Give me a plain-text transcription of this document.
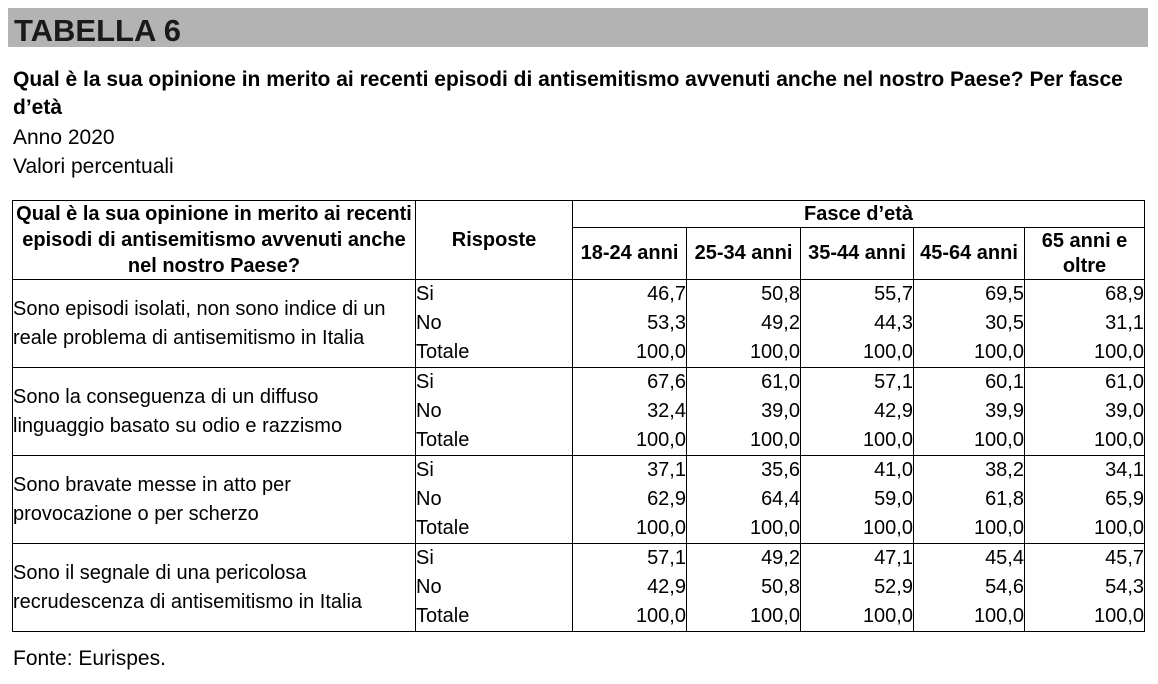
TABELLA 6
Qual è la sua opinione in merito ai recenti episodi di antisemitismo avvenuti anche nel nostro Paese? Per fasce d’età
Anno 2020
Valori percentuali
Qual è la sua opinione in merito ai recenti episodi di antisemitismo avvenuti anche nel nostro Paese?	Risposte	Fasce d’età				
		18-24 anni	25-34 anni	35-44 anni	45-64 anni	65 anni e oltre
Sono episodi isolati, non sono indice di un reale problema di antisemitismo in Italia	Si	46,7	50,8	55,7	69,5	68,9
	No	53,3	49,2	44,3	30,5	31,1
	Totale	100,0	100,0	100,0	100,0	100,0
Sono la conseguenza di un diffuso linguaggio basato su odio e razzismo	Si	67,6	61,0	57,1	60,1	61,0
	No	32,4	39,0	42,9	39,9	39,0
	Totale	100,0	100,0	100,0	100,0	100,0
Sono bravate messe in atto per provocazione o per scherzo	Si	37,1	35,6	41,0	38,2	34,1
	No	62,9	64,4	59,0	61,8	65,9
	Totale	100,0	100,0	100,0	100,0	100,0
Sono il segnale di una pericolosa recrudescenza di antisemitismo in Italia	Si	57,1	49,2	47,1	45,4	45,7
	No	42,9	50,8	52,9	54,6	54,3
	Totale	100,0	100,0	100,0	100,0	100,0
Fonte: Eurispes.
